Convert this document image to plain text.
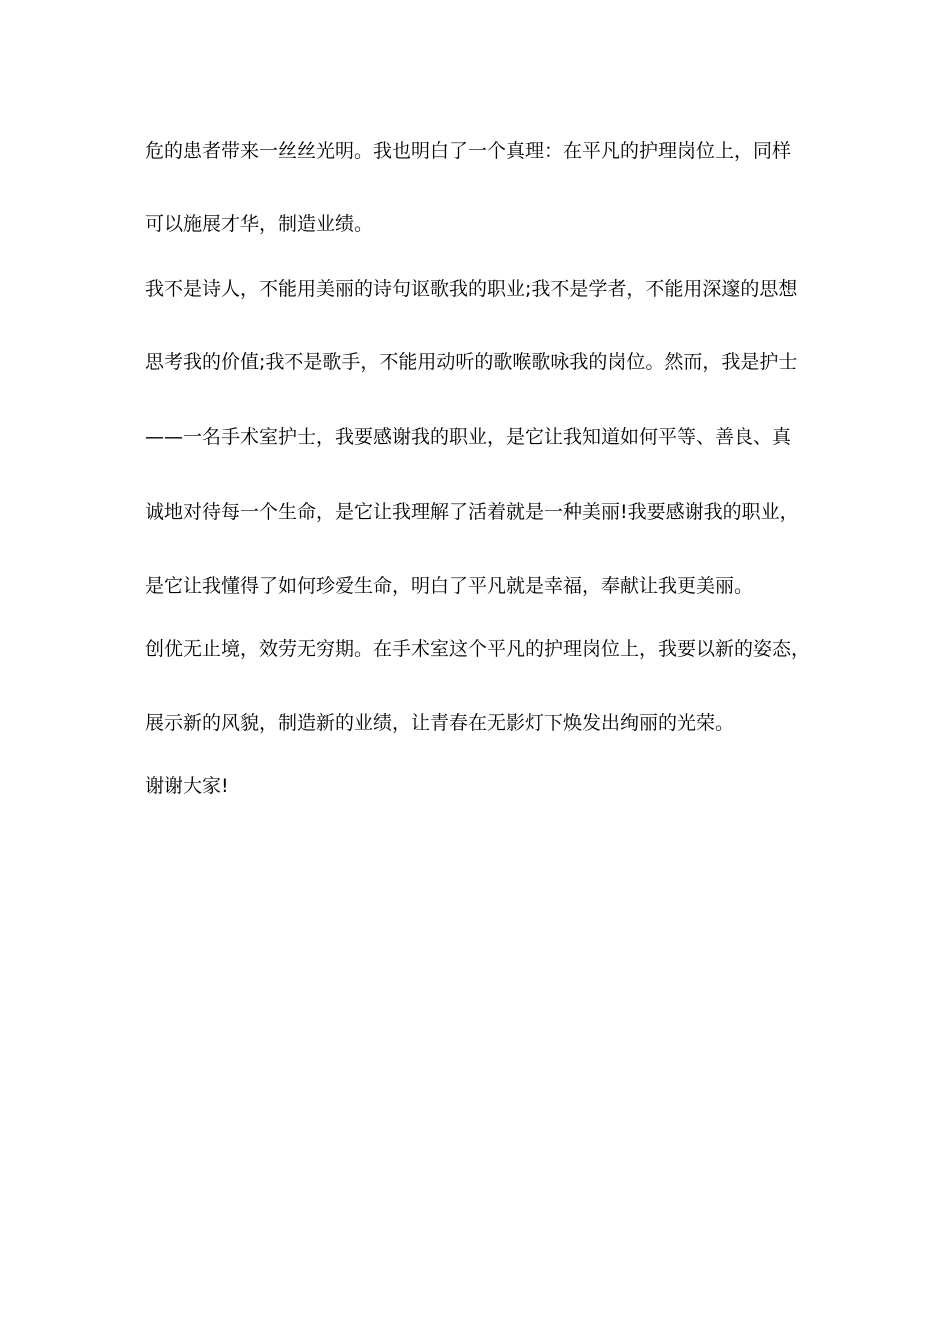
危的患者带来一丝丝光明。我也明白了一个真理：在平凡的护理岗位上，同样
可以施展才华，制造业绩。
我不是诗人，不能用美丽的诗句讴歌我的职业;我不是学者，不能用深邃的思想
思考我的价值;我不是歌手，不能用动听的歌喉歌咏我的岗位。然而，我是护士
——一名手术室护士，我要感谢我的职业，是它让我知道如何平等、善良、真
诚地对待每一个生命，是它让我理解了活着就是一种美丽!我要感谢我的职业，
是它让我懂得了如何珍爱生命，明白了平凡就是幸福，奉献让我更美丽。
创优无止境，效劳无穷期。在手术室这个平凡的护理岗位上，我要以新的姿态，
展示新的风貌，制造新的业绩，让青春在无影灯下焕发出绚丽的光荣。
谢谢大家!
